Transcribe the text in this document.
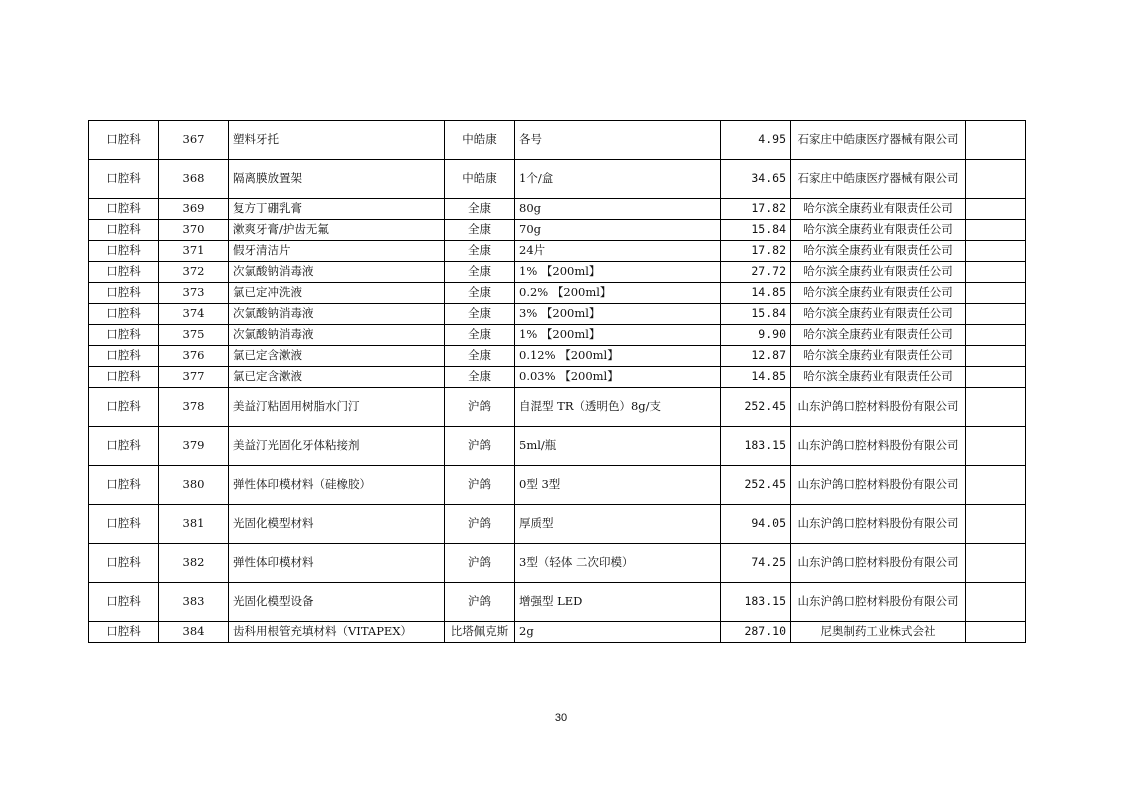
口腔科	367	塑料牙托	中皓康	各号	4.95	石家庄中皓康医疗器械有限公司	
口腔科	368	隔离膜放置架	中皓康	1个/盒	34.65	石家庄中皓康医疗器械有限公司	
口腔科	369	复方丁硼乳膏	全康	80g	17.82	哈尔滨全康药业有限责任公司	
口腔科	370	漱爽牙膏/护齿无氟	全康	70g	15.84	哈尔滨全康药业有限责任公司	
口腔科	371	假牙清洁片	全康	24片	17.82	哈尔滨全康药业有限责任公司	
口腔科	372	次氯酸钠消毒液	全康	1% 【200ml】	27.72	哈尔滨全康药业有限责任公司	
口腔科	373	氯已定冲洗液	全康	0.2% 【200ml】	14.85	哈尔滨全康药业有限责任公司	
口腔科	374	次氯酸钠消毒液	全康	3% 【200ml】	15.84	哈尔滨全康药业有限责任公司	
口腔科	375	次氯酸钠消毒液	全康	1% 【200ml】	9.90	哈尔滨全康药业有限责任公司	
口腔科	376	氯已定含漱液	全康	0.12% 【200ml】	12.87	哈尔滨全康药业有限责任公司	
口腔科	377	氯已定含漱液	全康	0.03% 【200ml】	14.85	哈尔滨全康药业有限责任公司	
口腔科	378	美益汀粘固用树脂水门汀	沪鸽	自混型 TR（透明色）8g/支	252.45	山东沪鸽口腔材料股份有限公司	
口腔科	379	美益汀光固化牙体粘接剂	沪鸽	5ml/瓶	183.15	山东沪鸽口腔材料股份有限公司	
口腔科	380	弹性体印模材料（硅橡胶）	沪鸽	0型 3型	252.45	山东沪鸽口腔材料股份有限公司	
口腔科	381	光固化模型材料	沪鸽	厚质型	94.05	山东沪鸽口腔材料股份有限公司	
口腔科	382	弹性体印模材料	沪鸽	3型（轻体 二次印模）	74.25	山东沪鸽口腔材料股份有限公司	
口腔科	383	光固化模型设备	沪鸽	增强型 LED	183.15	山东沪鸽口腔材料股份有限公司	
口腔科	384	齿科用根管充填材料（VITAPEX）	比塔佩克斯	2g	287.10	尼奥制药工业株式会社	
30
